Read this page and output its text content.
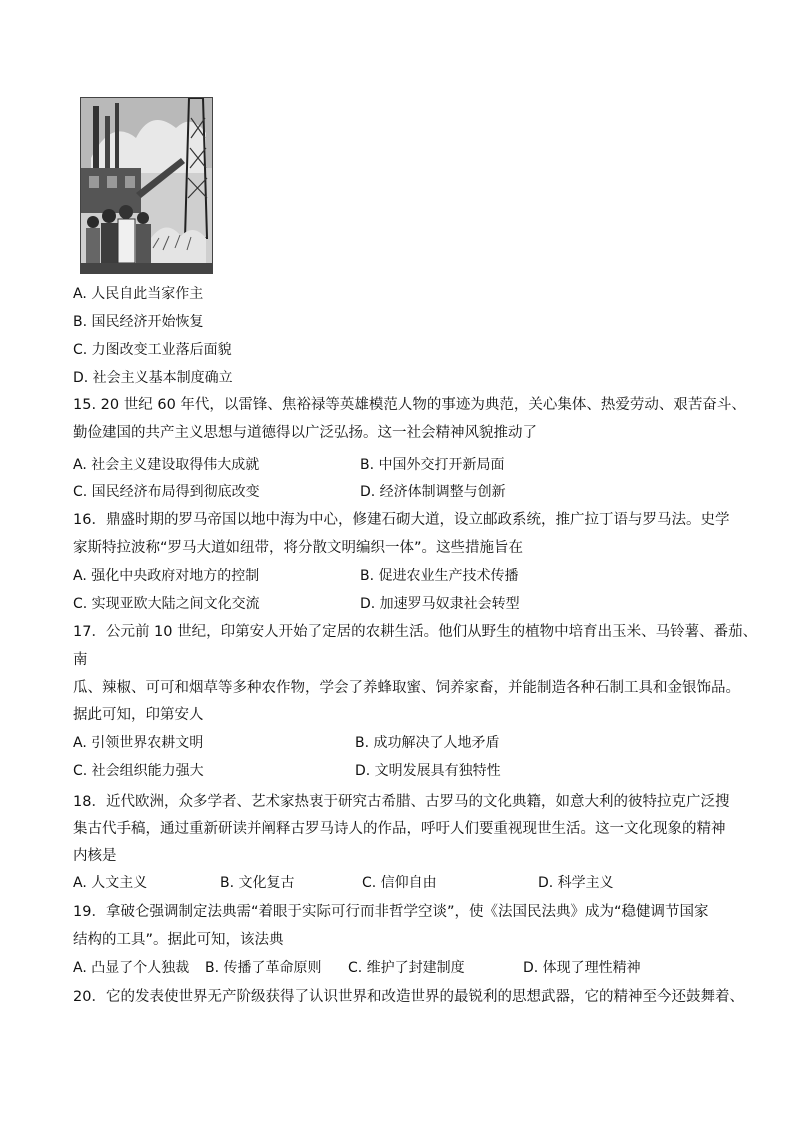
A. 人民自此当家作主
B. 国民经济开始恢复
C. 力图改变工业落后面貌
D. 社会主义基本制度确立
15. 20 世纪 60 年代，以雷锋、焦裕禄等英雄模范人物的事迹为典范，关心集体、热爱劳动、艰苦奋斗、
勤俭建国的共产主义思想与道德得以广泛弘扬。这一社会精神风貌推动了
A. 社会主义建设取得伟大成就	B. 中国外交打开新局面
C. 国民经济布局得到彻底改变	D. 经济体制调整与创新
16．鼎盛时期的罗马帝国以地中海为中心，修建石砌大道，设立邮政系统，推广拉丁语与罗马法。史学
家斯特拉波称“罗马大道如纽带，将分散文明编织一体”。这些措施旨在
A. 强化中央政府对地方的控制	B. 促进农业生产技术传播
C. 实现亚欧大陆之间文化交流	D. 加速罗马奴隶社会转型
17．公元前 10 世纪，印第安人开始了定居的农耕生活。他们从野生的植物中培育出玉米、马铃薯、番茄、
南
瓜、辣椒、可可和烟草等多种农作物，学会了养蜂取蜜、饲养家畜，并能制造各种石制工具和金银饰品。
据此可知，印第安人
A. 引领世界农耕文明	B. 成功解决了人地矛盾
C. 社会组织能力强大	D. 文明发展具有独特性
18．近代欧洲，众多学者、艺术家热衷于研究古希腊、古罗马的文化典籍，如意大利的彼特拉克广泛搜
集古代手稿，通过重新研读并阐释古罗马诗人的作品，呼吁人们要重视现世生活。这一文化现象的精神
内核是
A. 人文主义	B. 文化复古	C. 信仰自由	D. 科学主义
19．拿破仑强调制定法典需“着眼于实际可行而非哲学空谈”，使《法国民法典》成为“稳健调节国家
结构的工具”。据此可知，该法典
A. 凸显了个人独裁 B. 传播了革命原则 C. 维护了封建制度	D. 体现了理性精神
20．它的发表使世界无产阶级获得了认识世界和改造世界的最锐利的思想武器，它的精神至今还鼓舞着、
